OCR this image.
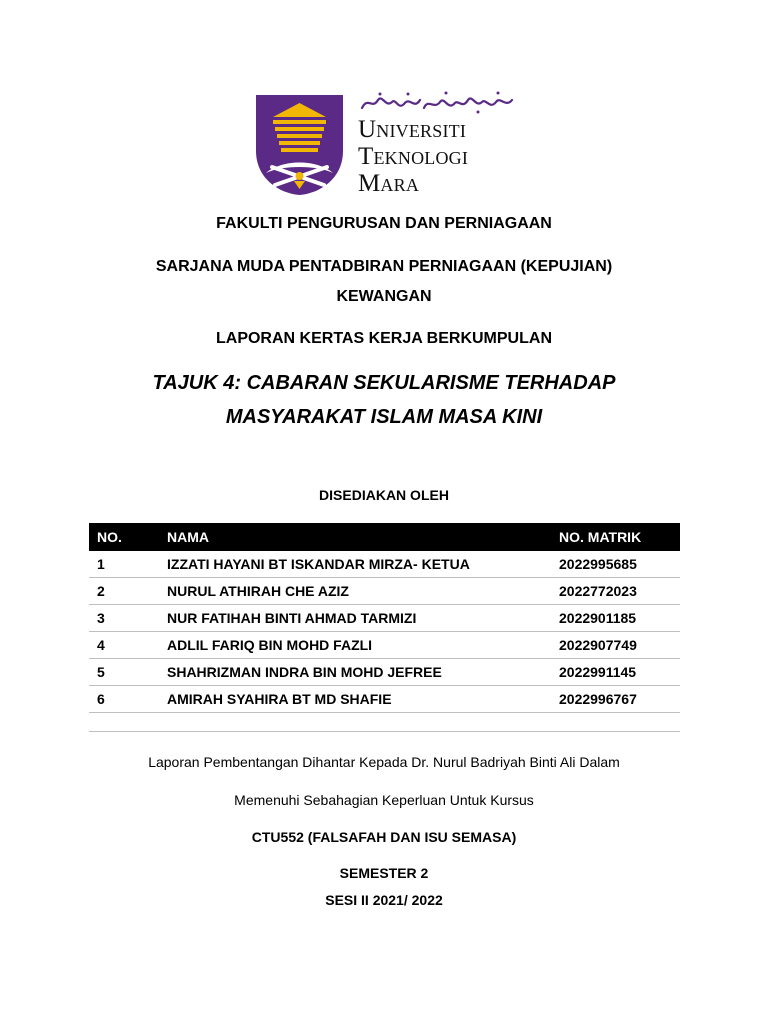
Universiti
Teknologi
Mara
FAKULTI PENGURUSAN DAN PERNIAGAAN
SARJANA MUDA PENTADBIRAN PERNIAGAAN (KEPUJIAN)
KEWANGAN
LAPORAN KERTAS KERJA BERKUMPULAN
TAJUK 4: CABARAN SEKULARISME TERHADAP
MASYARAKAT ISLAM MASA KINI
DISEDIAKAN OLEH
NO.	NAMA	NO. MATRIK
1	IZZATI HAYANI BT ISKANDAR MIRZA- KETUA	2022995685
2	NURUL ATHIRAH CHE AZIZ	2022772023
3	NUR FATIHAH BINTI AHMAD TARMIZI	2022901185
4	ADLIL FARIQ BIN MOHD FAZLI	2022907749
5	SHAHRIZMAN INDRA BIN MOHD JEFREE	2022991145
6	AMIRAH SYAHIRA BT MD SHAFIE	2022996767

Laporan Pembentangan Dihantar Kepada Dr. Nurul Badriyah Binti Ali Dalam
Memenuhi Sebahagian Keperluan Untuk Kursus
CTU552 (FALSAFAH DAN ISU SEMASA)
SEMESTER 2
SESI II 2021/ 2022
